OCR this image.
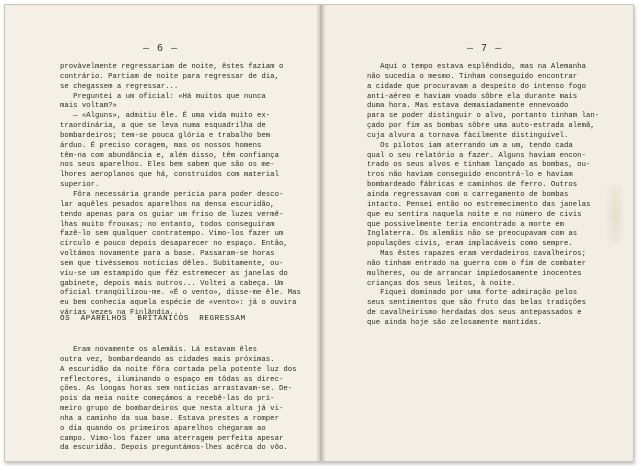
— 6 —
provàvelmente regressariam de noite, êstes faziam o
contrário. Partiam de noite para regressar de dia,
se chegassem a regressar...
Preguntei a um oficial: «Há muitos que nunca
mais voltam?»
— «Alguns», admitiu êle. É uma vida muito ex-
traordinária, a que se leva numa esquadrilha de
bombardeiros; tem-se pouca glória e trabalho bem
árduo. É preciso coragem, mas os nossos homens
têm-na com abundância e, além disso, têm confiança
nos seus aparelhos. Eles bem sabem que são os me-
lhores aeroplanos que há, construídos com material
superior.
Fôra necessária grande perícia para poder desco-
lar aquêles pesados aparelhos na densa escuridão,
tendo apenas para os guiar um friso de luzes vermê-
lhas muito frouxas; no entanto, todos conseguiram
fazê-lo sem qualquer contratempo. Vimo-los fazer um
círculo e pouco depois desaparecer no espaço. Então,
voltámos novamente para a base. Passaram-se horas
sem que tivéssemos notícias dêles. Subitamente, ou-
viu-se um estampido que fêz estremecer as janelas do
gabinete, depois mais outros... Voltei a cabeça. Um
oficial tranqüilizou-me. «É o vento», disse-me êle. Mas
eu bem conhecia aquela espécie de «vento»: já o ouvira
várias vezes na Finlândia...
OS  APARELHOS  BRITANICOS  REGRESSAM
Eram novamente os alemãis. Lá estavam êles
outra vez, bombardeando as cidades mais próximas.
A escuridão da noite fôra cortada pela potente luz dos
reflectores, iluminando o espaço em tôdas as direc-
ções. As longas horas sem notícias arrastavam-se. De-
pois da meia noite começámos a recebê-las do pri-
meiro grupo de bombardeiros que nesta altura já vi-
nha a caminho da sua base. Estava prestes a romper
o dia quando os primeiros aparelhos chegaram ao
campo. Vimo-los fazer uma aterragem perfeita apesar
da escuridão. Depois preguntámos-lhes acêrca do vôo.
— 7 —
Aqui o tempo estava esplêndido, mas na Alemanha
não sucedia o mesmo. Tinham conseguido encontrar
a cidade que procuravam a despeito do intenso fogo
anti-aéreo e haviam voado sôbre ela durante mais
duma hora. Mas estava demasiadamente ennevoado
para se poder distinguir o alvo, portanto tinham lan-
çado por fim as bombas sôbre uma auto-estrada alemã,
cuja alvura a tornava fàcilmente distinguível.
Os pilotos iam aterrando um a um, tendo cada
qual o seu relatório a fazer. Alguns haviam encon-
trado os seus alvos e tinham lançado as bombas, ou-
tros não haviam conseguido encontrá-lo e haviam
bombardeado fábricas e caminhos de ferro. Outros
ainda regressavam com o carregamento de bombas
intacto. Pensei então no estremecimento das janelas
que eu sentira naquela noite e no número de civis
que possivelmente teria encontrado a morte em
Inglaterra. Os alemãis não se preocupavam com as
populações civis, eram implacáveis como sempre.
Mas êstes rapazes eram verdadeiros cavalheiros;
não tinham entrado na guerra com o fim de combater
mulheres, ou de arrancar impiedosamente inocentes
crianças dos seus leitos, à noite.
Fiquei dominado por uma forte admiração pelos
seus sentimentos que são fruto das belas tradições
de cavalheirismo herdadas dos seus antepassados e
que ainda hoje são zelosamente mantidas.
